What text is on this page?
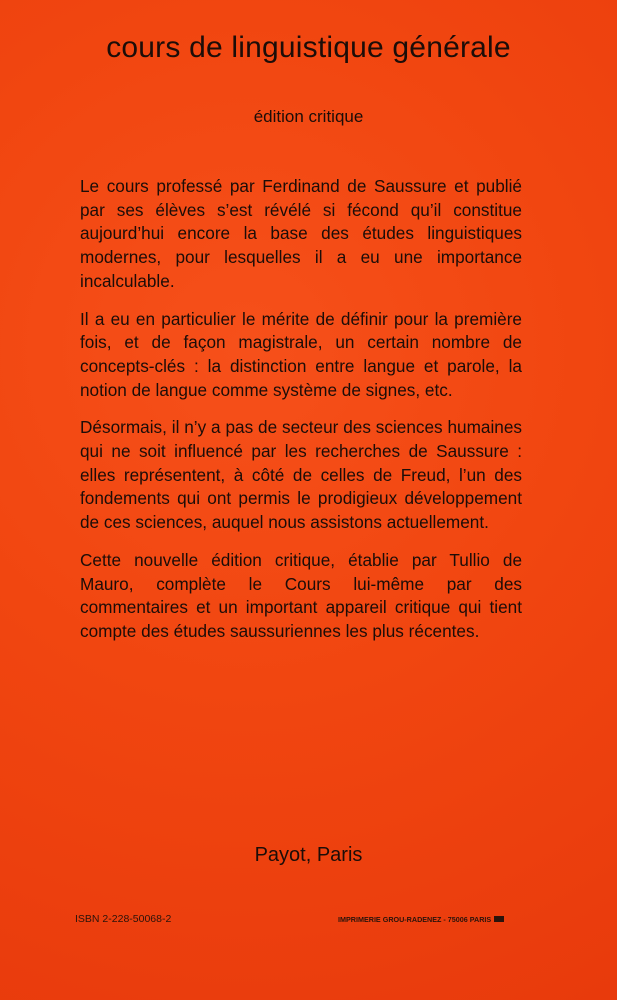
cours de linguistique générale
édition critique

Le cours professé par Ferdinand de Saussure et publié par ses élèves s’est révélé si fécond qu’il constitue aujourd’hui encore la base des études linguistiques modernes, pour lesquelles il a eu une importance incalculable.

Il a eu en particulier le mérite de définir pour la première fois, et de façon magistrale, un certain nombre de concepts-clés : la distinction entre langue et parole, la notion de langue comme système de signes, etc.

Désormais, il n’y a pas de secteur des sciences humaines qui ne soit influencé par les recherches de Saussure : elles représentent, à côté de celles de Freud, l’un des fondements qui ont permis le prodigieux développement de ces sciences, auquel nous assistons actuellement.

Cette nouvelle édition critique, établie par Tullio de Mauro, complète le Cours lui-même par des commentaires et un important appareil critique qui tient compte des études saussuriennes les plus récentes.

Payot, Paris
ISBN 2-228-50068-2	IMPRIMERIE GROU-RADENEZ - 75006 PARIS
